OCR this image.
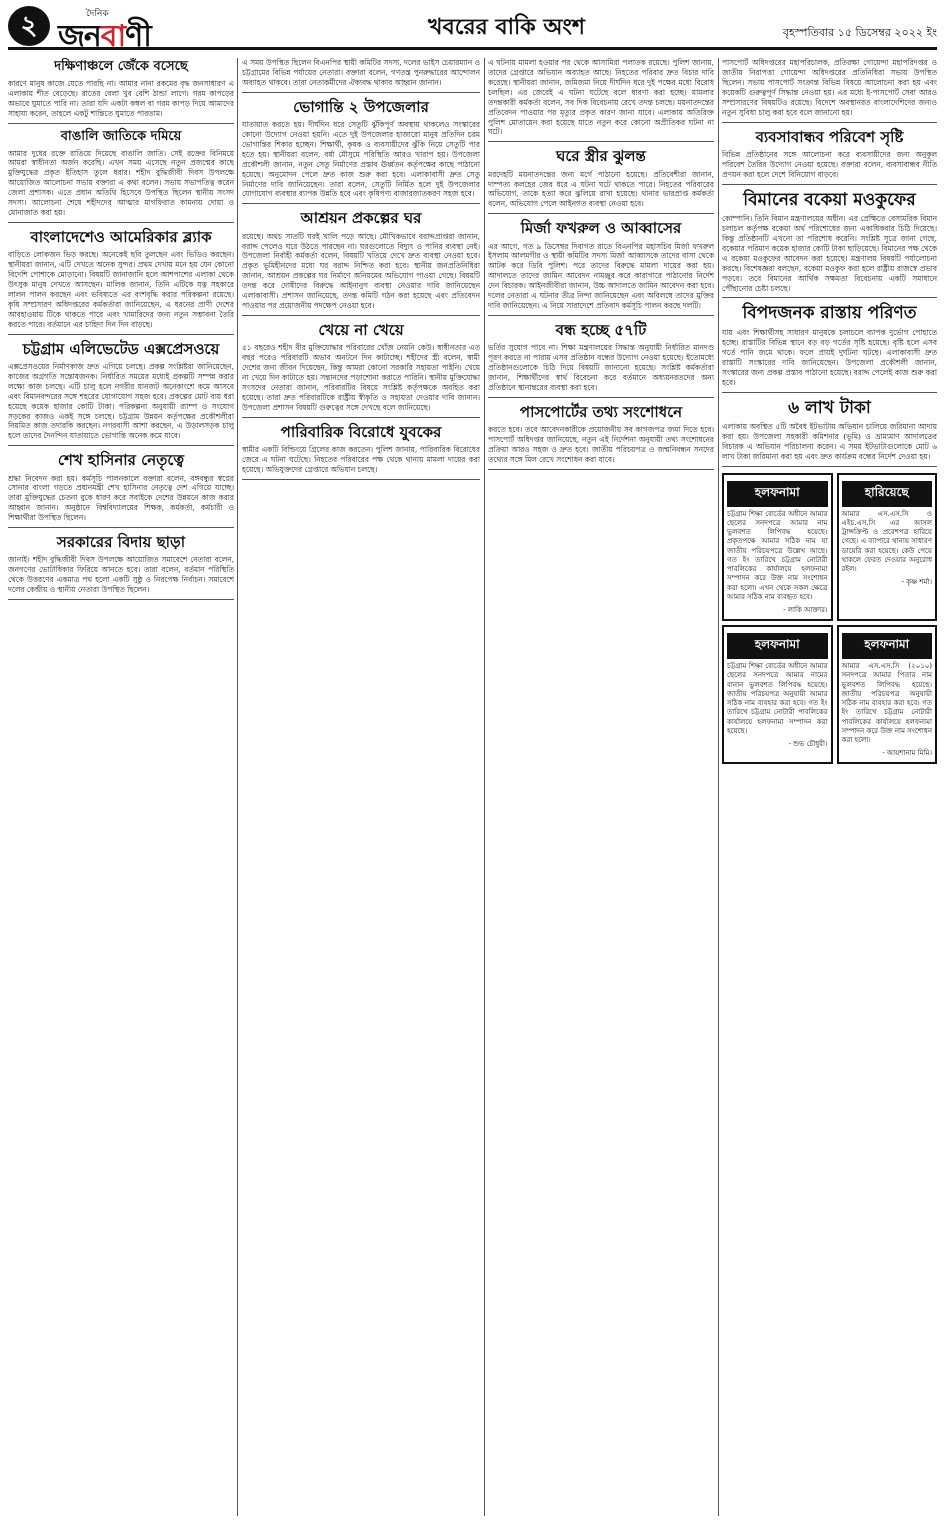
২	দৈনিক
জনবাণী	খবরের বাকি অংশ	বৃহস্পতিবার ১৫ ডিসেম্বর ২০২২ ইং
দক্ষিণাঞ্চলে জেঁকে বসেছে

কারণে মানুষ কাজে যেতে পারছি না। আমার নানা রকমের বৃদ্ধ জনসাধারণ এ এলাকায় শীত বেড়েছে। রাতের বেলা খুব বেশি ঠান্ডা লাগে। গরম কাপড়ের অভাবে ঘুমাতে পারি না। তারা যদি একটা কম্বল বা গরম কাপড় দিয়ে আমাদের সাহায্য করেন, তাহলে একটু শান্তিতে ঘুমাতে পারতাম।

বাঙালি জাতিকে দমিয়ে

আমার দুধের রক্তে রাঙিয়ে দিয়েছে বাঙালি জাতি। সেই রক্তের বিনিময়ে আমরা স্বাধীনতা অর্জন করেছি। এখন সময় এসেছে নতুন প্রজন্মের কাছে মুক্তিযুদ্ধের প্রকৃত ইতিহাস তুলে ধরার। শহীদ বুদ্ধিজীবী দিবস উপলক্ষে আয়োজিত আলোচনা সভায় বক্তারা এ কথা বলেন। সভায় সভাপতিত্ব করেন জেলা প্রশাসক। এতে প্রধান অতিথি হিসেবে উপস্থিত ছিলেন স্থানীয় সংসদ সদস্য। আলোচনা শেষে শহীদদের আত্মার মাগফিরাত কামনায় দোয়া ও মোনাজাত করা হয়।

বাংলাদেশেও আমেরিকার ব্ল্যাক

বাড়িতে লোকজন ভিড় করছে। অনেকেই ছবি তুলছেন এবং ভিডিও করছেন। স্থানীয়রা জানান, এটি দেখতে অনেক সুন্দর। প্রথম দেখায় মনে হয় যেন কোনো বিদেশি পোশাকে মোড়ানো। বিষয়টি জানাজানি হলে আশপাশের এলাকা থেকে উৎসুক মানুষ দেখতে আসছেন। মালিক জানান, তিনি এটিকে যত্ন সহকারে লালন পালন করছেন এবং ভবিষ্যতে এর বংশবৃদ্ধি করার পরিকল্পনা রয়েছে। কৃষি সম্প্রসারণ অধিদপ্তরের কর্মকর্তারা জানিয়েছেন, এ ধরনের প্রাণী দেশের আবহাওয়ায় টিকে থাকতে পারে এবং খামারিদের জন্য নতুন সম্ভাবনা তৈরি করতে পারে। বর্তমানে এর চাহিদা দিন দিন বাড়ছে।

চট্টগ্রাম এলিভেটেড এক্সপ্রেসওয়ে

এক্সপ্রেসওয়ের নির্মাণকাজ দ্রুত এগিয়ে চলছে। প্রকল্প সংশ্লিষ্টরা জানিয়েছেন, কাজের অগ্রগতি সন্তোষজনক। নির্ধারিত সময়ের মধ্যেই প্রকল্পটি সম্পন্ন করার লক্ষ্যে কাজ চলছে। এটি চালু হলে নগরীর যানজট অনেকাংশে কমে আসবে এবং বিমানবন্দরের সঙ্গে শহরের যোগাযোগ সহজ হবে। প্রকল্পের মোট ব্যয় ধরা হয়েছে কয়েক হাজার কোটি টাকা। পরিকল্পনা অনুযায়ী র‍্যাম্প ও সংযোগ সড়কের কাজও একই সঙ্গে চলছে। চট্টগ্রাম উন্নয়ন কর্তৃপক্ষের প্রকৌশলীরা নিয়মিত কাজ তদারকি করছেন। নগরবাসী আশা করছেন, এ উড়ালসড়ক চালু হলে তাদের দৈনন্দিন যাতায়াতে ভোগান্তি অনেক কমে যাবে।

শেখ হাসিনার নেতৃত্বে

শ্রদ্ধা নিবেদন করা হয়। কর্মসূচি পালনকালে বক্তারা বলেন, বঙ্গবন্ধুর স্বপ্নের সোনার বাংলা গড়তে প্রধানমন্ত্রী শেখ হাসিনার নেতৃত্বে দেশ এগিয়ে যাচ্ছে। তারা মুক্তিযুদ্ধের চেতনা বুকে ধারণ করে সবাইকে দেশের উন্নয়নে কাজ করার আহ্বান জানান। অনুষ্ঠানে বিশ্ববিদ্যালয়ের শিক্ষক, কর্মকর্তা, কর্মচারী ও শিক্ষার্থীরা উপস্থিত ছিলেন।

সরকারের বিদায় ছাড়া

জানাই। শহীদ বুদ্ধিজীবী দিবস উপলক্ষে আয়োজিত সমাবেশে নেতারা বলেন, জনগণের ভোটাধিকার ফিরিয়ে আনতে হবে। তারা বলেন, বর্তমান পরিস্থিতি থেকে উত্তরণের একমাত্র পথ হলো একটি সুষ্ঠু ও নিরপেক্ষ নির্বাচন। সমাবেশে দলের কেন্দ্রীয় ও স্থানীয় নেতারা উপস্থিত ছিলেন।

এ সময় উপস্থিত ছিলেন বিএনপির স্থায়ী কমিটির সদস্য, দলের ভাইস চেয়ারম্যান ও চট্টগ্রামের বিভিন্ন পর্যায়ের নেতারা। বক্তারা বলেন, গণতন্ত্র পুনরুদ্ধারের আন্দোলন অব্যাহত থাকবে। তারা নেতাকর্মীদের ঐক্যবদ্ধ থাকার আহ্বান জানান।

ভোগান্তি ২ উপজেলার

যাতায়াত করতে হয়। দীর্ঘদিন ধরে সেতুটি ঝুঁকিপূর্ণ অবস্থায় থাকলেও সংস্কারের কোনো উদ্যোগ নেওয়া হয়নি। এতে দুই উপজেলার হাজারো মানুষ প্রতিদিন চরম ভোগান্তির শিকার হচ্ছেন। শিক্ষার্থী, কৃষক ও ব্যবসায়ীদের ঝুঁকি নিয়ে সেতুটি পার হতে হয়। স্থানীয়রা বলেন, বর্ষা মৌসুমে পরিস্থিতি আরও খারাপ হয়। উপজেলা প্রকৌশলী জানান, নতুন সেতু নির্মাণের প্রস্তাব ঊর্ধ্বতন কর্তৃপক্ষের কাছে পাঠানো হয়েছে। অনুমোদন পেলে দ্রুত কাজ শুরু করা হবে। এলাকাবাসী দ্রুত সেতু নির্মাণের দাবি জানিয়েছেন। তারা বলেন, সেতুটি নির্মিত হলে দুই উপজেলার যোগাযোগ ব্যবস্থার ব্যাপক উন্নতি হবে এবং কৃষিপণ্য বাজারজাতকরণ সহজ হবে।

আশ্রয়ন প্রকল্পের ঘর

রয়েছে। অথচ সাতটি ঘরই খালি পড়ে আছে। মৌখিকভাবে বরাদ্দপ্রাপ্তরা জানান, বরাদ্দ পেলেও ঘরে উঠতে পারছেন না। ঘরগুলোতে বিদ্যুৎ ও পানির ব্যবস্থা নেই। উপজেলা নির্বাহী কর্মকর্তা বলেন, বিষয়টি খতিয়ে দেখে দ্রুত ব্যবস্থা নেওয়া হবে। প্রকৃত ভূমিহীনদের মধ্যে ঘর বরাদ্দ নিশ্চিত করা হবে। স্থানীয় জনপ্রতিনিধিরা জানান, আশ্রয়ন প্রকল্পের ঘর নির্মাণে অনিয়মের অভিযোগ পাওয়া গেছে। বিষয়টি তদন্ত করে দোষীদের বিরুদ্ধে আইনানুগ ব্যবস্থা নেওয়ার দাবি জানিয়েছেন এলাকাবাসী। প্রশাসন জানিয়েছে, তদন্ত কমিটি গঠন করা হয়েছে এবং প্রতিবেদন পাওয়ার পর প্রয়োজনীয় পদক্ষেপ নেওয়া হবে।

খেয়ে না খেয়ে

৫১ বছরেও শহীদ বীর মুক্তিযোদ্ধার পরিবারের খোঁজ নেয়নি কেউ। স্বাধীনতার এত বছর পরেও পরিবারটি অভাব অনটনে দিন কাটাচ্ছে। শহীদের স্ত্রী বলেন, স্বামী দেশের জন্য জীবন দিয়েছেন, কিন্তু আমরা কোনো সরকারি সহায়তা পাইনি। খেয়ে না খেয়ে দিন কাটাতে হয়। সন্তানদের পড়াশোনা করাতে পারিনি। স্থানীয় মুক্তিযোদ্ধা সংসদের নেতারা জানান, পরিবারটির বিষয়ে সংশ্লিষ্ট কর্তৃপক্ষকে অবহিত করা হয়েছে। তারা দ্রুত পরিবারটিকে রাষ্ট্রীয় স্বীকৃতি ও সহায়তা দেওয়ার দাবি জানান। উপজেলা প্রশাসন বিষয়টি গুরুত্বের সঙ্গে দেখছে বলে জানিয়েছে।

পারিবারিক বিরোধে যুবকের

স্বামীর একটি বিল্ডিংয়ে গ্রিলের কাজ করতেন। পুলিশ জানায়, পারিবারিক বিরোধের জেরে এ ঘটনা ঘটেছে। নিহতের পরিবারের পক্ষ থেকে থানায় মামলা দায়ের করা হয়েছে। অভিযুক্তদের গ্রেপ্তারে অভিযান চলছে।

এ ঘটনায় মামলা হওয়ার পর থেকে আসামিরা পলাতক রয়েছে। পুলিশ জানায়, তাদের গ্রেপ্তারে অভিযান অব্যাহত আছে। নিহতের পরিবার দ্রুত বিচার দাবি করেছে। স্থানীয়রা জানান, জমিজমা নিয়ে দীর্ঘদিন ধরে দুই পক্ষের মধ্যে বিরোধ চলছিল। এর জেরেই এ ঘটনা ঘটেছে বলে ধারণা করা হচ্ছে। মামলার তদন্তকারী কর্মকর্তা বলেন, সব দিক বিবেচনায় রেখে তদন্ত চলছে। ময়নাতদন্তের প্রতিবেদন পাওয়ার পর মৃত্যুর প্রকৃত কারণ জানা যাবে। এলাকায় অতিরিক্ত পুলিশ মোতায়েন করা হয়েছে যাতে নতুন করে কোনো অপ্রীতিকর ঘটনা না ঘটে।

ঘরে স্ত্রীর ঝুলন্ত

মরদেহটি ময়নাতদন্তের জন্য মর্গে পাঠানো হয়েছে। প্রতিবেশীরা জানান, দাম্পত্য কলহের জের ধরে এ ঘটনা ঘটে থাকতে পারে। নিহতের পরিবারের অভিযোগ, তাকে হত্যা করে ঝুলিয়ে রাখা হয়েছে। থানার ভারপ্রাপ্ত কর্মকর্তা বলেন, অভিযোগ পেলে আইনগত ব্যবস্থা নেওয়া হবে।

মির্জা ফখরুল ও আব্বাসের

এর আগে, গত ৯ ডিসেম্বর দিবাগত রাতে বিএনপির মহাসচিব মির্জা ফখরুল ইসলাম আলমগীর ও স্থায়ী কমিটির সদস্য মির্জা আব্বাসকে তাদের বাসা থেকে আটক করে ডিবি পুলিশ। পরে তাদের বিরুদ্ধে মামলা দায়ের করা হয়। আদালতে তাদের জামিন আবেদন নামঞ্জুর করে কারাগারে পাঠানোর নির্দেশ দেন বিচারক। আইনজীবীরা জানান, উচ্চ আদালতে জামিন আবেদন করা হবে। দলের নেতারা এ ঘটনার তীব্র নিন্দা জানিয়েছেন এবং অবিলম্বে তাদের মুক্তির দাবি জানিয়েছেন। এ নিয়ে সারাদেশে প্রতিবাদ কর্মসূচি পালন করছে দলটি।

বন্ধ হচ্ছে ৫৭টি

ভর্তির সুযোগ পাবে না। শিক্ষা মন্ত্রণালয়ের সিদ্ধান্ত অনুযায়ী নির্ধারিত মানদণ্ড পূরণ করতে না পারায় এসব প্রতিষ্ঠান বন্ধের উদ্যোগ নেওয়া হয়েছে। ইতোমধ্যে প্রতিষ্ঠানগুলোকে চিঠি দিয়ে বিষয়টি জানানো হয়েছে। সংশ্লিষ্ট কর্মকর্তারা জানান, শিক্ষার্থীদের স্বার্থ বিবেচনা করে বর্তমানে অধ্যয়নরতদের অন্য প্রতিষ্ঠানে স্থানান্তরের ব্যবস্থা করা হবে।

পাসপোর্টের তথ্য সংশোধনে

করতে হবে। তবে আবেদনকারীকে প্রয়োজনীয় সব কাগজপত্র জমা দিতে হবে। পাসপোর্ট অধিদপ্তর জানিয়েছে, নতুন এই নির্দেশনা অনুযায়ী তথ্য সংশোধনের প্রক্রিয়া আরও সহজ ও দ্রুত হবে। জাতীয় পরিচয়পত্র ও জন্মনিবন্ধন সনদের তথ্যের সঙ্গে মিল রেখে সংশোধন করা যাবে।

পাসপোর্ট অধিদপ্তরের মহাপরিচালক, প্রতিরক্ষা গোয়েন্দা মহাপরিদপ্তর ও জাতীয় নিরাপত্তা গোয়েন্দা অধিদপ্তরের প্রতিনিধিরা সভায় উপস্থিত ছিলেন। সভায় পাসপোর্ট সংক্রান্ত বিভিন্ন বিষয়ে আলোচনা করা হয় এবং কয়েকটি গুরুত্বপূর্ণ সিদ্ধান্ত নেওয়া হয়। এর মধ্যে ই-পাসপোর্ট সেবা আরও সম্প্রসারণের বিষয়টিও রয়েছে। বিদেশে অবস্থানরত বাংলাদেশিদের জন্যও নতুন সুবিধা চালু করা হবে বলে জানানো হয়।

ব্যবসাবান্ধব পরিবেশ সৃষ্টি

বিভিন্ন প্রতিষ্ঠানের সঙ্গে আলোচনা করে ব্যবসায়ীদের জন্য অনুকূল পরিবেশ তৈরির উদ্যোগ নেওয়া হয়েছে। বক্তারা বলেন, ব্যবসাবান্ধব নীতি প্রণয়ন করা হলে দেশে বিনিয়োগ বাড়বে।

বিমানের বকেয়া মওকুফের

কোম্পানি। তিনি বিমান মন্ত্রণালয়ের অধীন। এর প্রেক্ষিতে বেসামরিক বিমান চলাচল কর্তৃপক্ষ বকেয়া অর্থ পরিশোধের জন্য একাধিকবার চিঠি দিয়েছে। কিন্তু প্রতিষ্ঠানটি এখনো তা পরিশোধ করেনি। সংশ্লিষ্ট সূত্রে জানা গেছে, বকেয়ার পরিমাণ কয়েক হাজার কোটি টাকা ছাড়িয়েছে। বিমানের পক্ষ থেকে এ বকেয়া মওকুফের আবেদন করা হয়েছে। মন্ত্রণালয় বিষয়টি পর্যালোচনা করছে। বিশেষজ্ঞরা বলছেন, বকেয়া মওকুফ করা হলে রাষ্ট্রীয় রাজস্বে প্রভাব পড়বে। তবে বিমানের আর্থিক সক্ষমতা বিবেচনায় একটি সমাধানে পৌঁছানোর চেষ্টা চলছে।

বিপদজনক রাস্তায় পরিণত

যায় এবং শিক্ষার্থীসহ সাধারণ মানুষকে চলাচলে ব্যাপক দুর্ভোগ পোহাতে হচ্ছে। রাস্তাটির বিভিন্ন স্থানে বড় বড় গর্তের সৃষ্টি হয়েছে। বৃষ্টি হলে এসব গর্তে পানি জমে থাকে। ফলে প্রায়ই দুর্ঘটনা ঘটছে। এলাকাবাসী দ্রুত রাস্তাটি সংস্কারের দাবি জানিয়েছেন। উপজেলা প্রকৌশলী জানান, সংস্কারের জন্য প্রকল্প প্রস্তাব পাঠানো হয়েছে। বরাদ্দ পেলেই কাজ শুরু করা হবে।

৬ লাখ টাকা

এলাকায় অবস্থিত ৫টি অবৈধ ইটভাটায় অভিযান চালিয়ে জরিমানা আদায় করা হয়। উপজেলা সহকারী কমিশনার (ভূমি) ও ভ্রাম্যমাণ আদালতের বিচারক এ অভিযান পরিচালনা করেন। এ সময় ইটভাটাগুলোকে মোট ৬ লাখ টাকা জরিমানা করা হয় এবং দ্রুত কার্যক্রম বন্ধের নির্দেশ দেওয়া হয়।

হলফনামা

চট্টগ্রাম শিক্ষা বোর্ডের অধীনে আমার ছেলের সনদপত্রে আমার নাম ভুলবশত লিপিবদ্ধ হয়েছে। প্রকৃতপক্ষে আমার সঠিক নাম যা জাতীয় পরিচয়পত্রে উল্লেখ আছে। গত ইং তারিখে চট্টগ্রাম নোটারী পাবলিকের কার্যালয়ে হলফনামা সম্পাদন করে উক্ত নাম সংশোধন করা হলো। এখন থেকে সকল ক্ষেত্রে আমার সঠিক নাম ব্যবহৃত হবে।

- লাকি আক্তার।
হারিয়েছে

আমার এস.এস.সি ও এইচ.এস.সি এর আসল ট্রান্সক্রিপ্ট ও প্রবেশপত্র হারিয়ে গেছে। এ ব্যাপারে থানায় সাধারণ ডায়েরি করা হয়েছে। কেউ পেয়ে থাকলে ফেরত দেওয়ার অনুরোধ রইল।

- কৃষ্ণ শর্মা।
হলফনামা

চট্টগ্রাম শিক্ষা বোর্ডের অধীনে আমার ছেলের সনদপত্রে আমার নামের বানান ভুলবশত লিপিবদ্ধ হয়েছে। জাতীয় পরিচয়পত্র অনুযায়ী আমার সঠিক নাম ব্যবহার করা হবে। গত ইং তারিখে চট্টগ্রাম নোটারী পাবলিকের কার্যালয়ে হলফনামা সম্পাদন করা হয়েছে।

- শুভ চৌধুরী।
হলফনামা

আমার এস.এস.সি (২০১০) সনদপত্রে আমার পিতার নাম ভুলবশত লিপিবদ্ধ হয়েছে। জাতীয় পরিচয়পত্র অনুযায়ী সঠিক নাম ব্যবহার করা হবে। গত ইং তারিখে চট্টগ্রাম নোটারী পাবলিকের কার্যালয়ে হলফনামা সম্পাদন করে উক্ত নাম সংশোধন করা হলো।

- আয়শানাম মিমি।
